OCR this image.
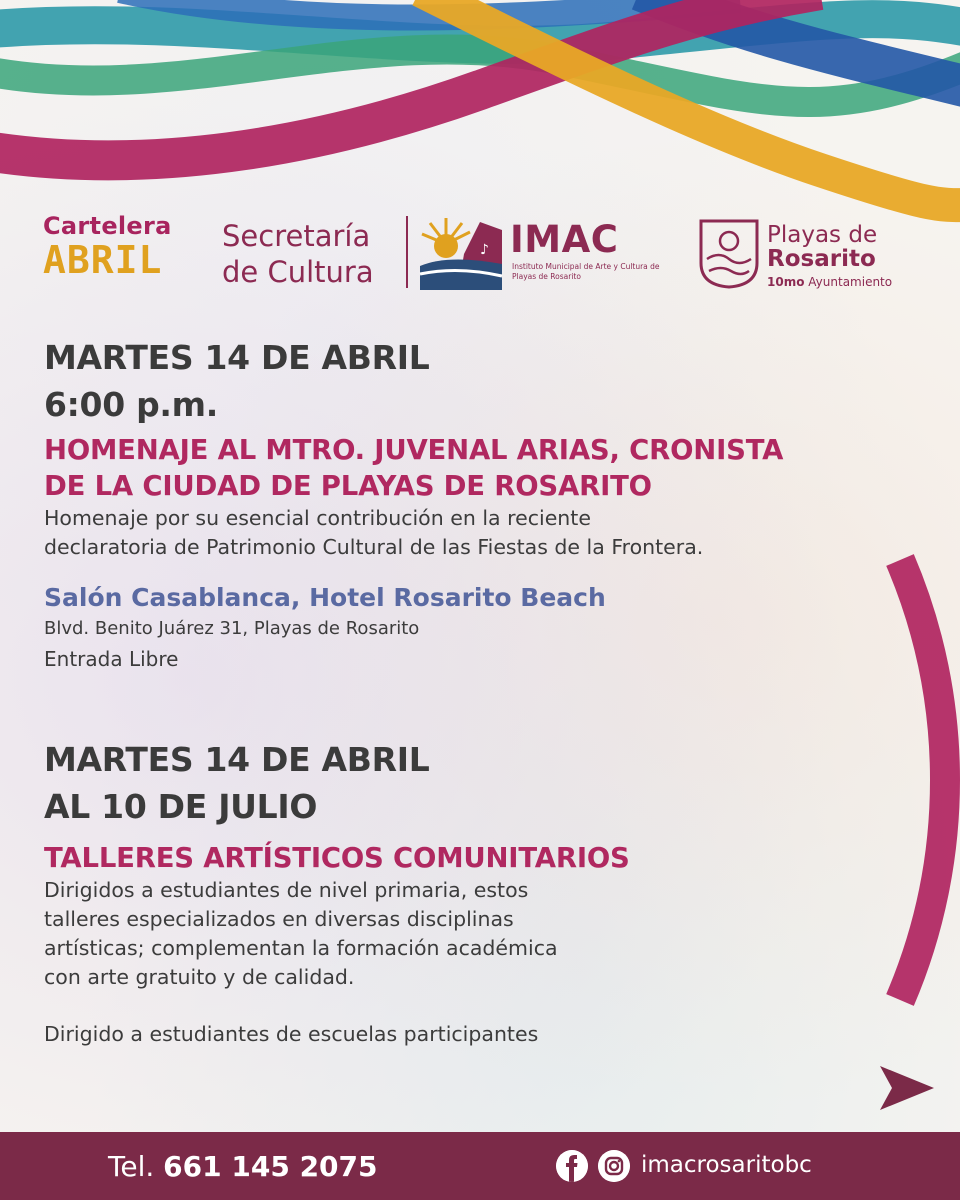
Cartelera
ABRIL
Secretaría
de Cultura
♪ IMAC
Instituto Municipal de Arte y Cultura de Playas de Rosarito
Playas de
Rosarito
10mo Ayuntamiento
MARTES 14 DE ABRIL
6:00 p.m.
HOMENAJE AL MTRO. JUVENAL ARIAS, CRONISTA
DE LA CIUDAD DE PLAYAS DE ROSARITO
Homenaje por su esencial contribución en la reciente
declaratoria de Patrimonio Cultural de las Fiestas de la Frontera.
Salón Casablanca, Hotel Rosarito Beach
Blvd. Benito Juárez 31, Playas de Rosarito
Entrada Libre
MARTES 14 DE ABRIL
AL 10 DE JULIO
TALLERES ARTÍSTICOS COMUNITARIOS
Dirigidos a estudiantes de nivel primaria, estos
talleres especializados en diversas disciplinas
artísticas; complementan la formación académica
con arte gratuito y de calidad.
Dirigido a estudiantes de escuelas participantes
Tel. 661 145 2075	imacrosaritobc
